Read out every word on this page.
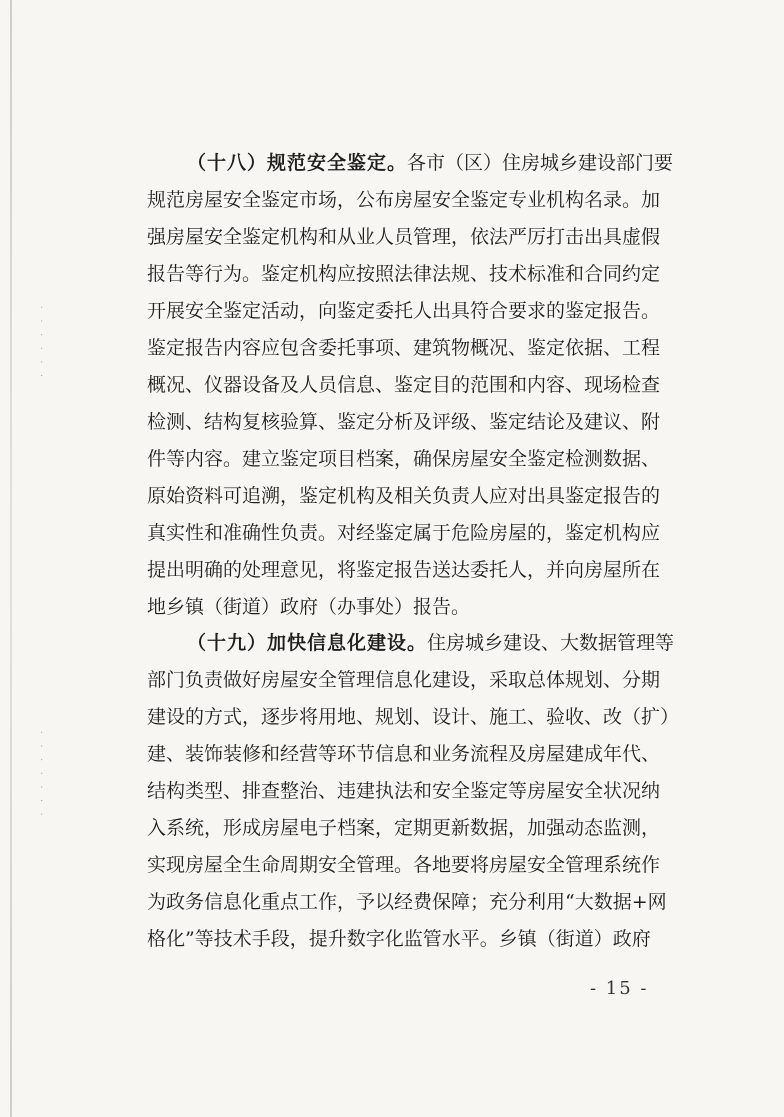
· · · · · ·
· · · · · · ·
（十八）规范安全鉴定。各市（区）住房城乡建设部门要
规范房屋安全鉴定市场，公布房屋安全鉴定专业机构名录。加
强房屋安全鉴定机构和从业人员管理，依法严厉打击出具虚假
报告等行为。鉴定机构应按照法律法规、技术标准和合同约定
开展安全鉴定活动，向鉴定委托人出具符合要求的鉴定报告。
鉴定报告内容应包含委托事项、建筑物概况、鉴定依据、工程
概况、仪器设备及人员信息、鉴定目的范围和内容、现场检查
检测、结构复核验算、鉴定分析及评级、鉴定结论及建议、附
件等内容。建立鉴定项目档案，确保房屋安全鉴定检测数据、
原始资料可追溯，鉴定机构及相关负责人应对出具鉴定报告的
真实性和准确性负责。对经鉴定属于危险房屋的，鉴定机构应
提出明确的处理意见，将鉴定报告送达委托人，并向房屋所在
地乡镇（街道）政府（办事处）报告。
（十九）加快信息化建设。住房城乡建设、大数据管理等
部门负责做好房屋安全管理信息化建设，采取总体规划、分期
建设的方式，逐步将用地、规划、设计、施工、验收、改（扩）
建、装饰装修和经营等环节信息和业务流程及房屋建成年代、
结构类型、排查整治、违建执法和安全鉴定等房屋安全状况纳
入系统，形成房屋电子档案，定期更新数据，加强动态监测，
实现房屋全生命周期安全管理。各地要将房屋安全管理系统作
为政务信息化重点工作，予以经费保障；充分利用“大数据+网
格化”等技术手段，提升数字化监管水平。乡镇（街道）政府
- 15 -
